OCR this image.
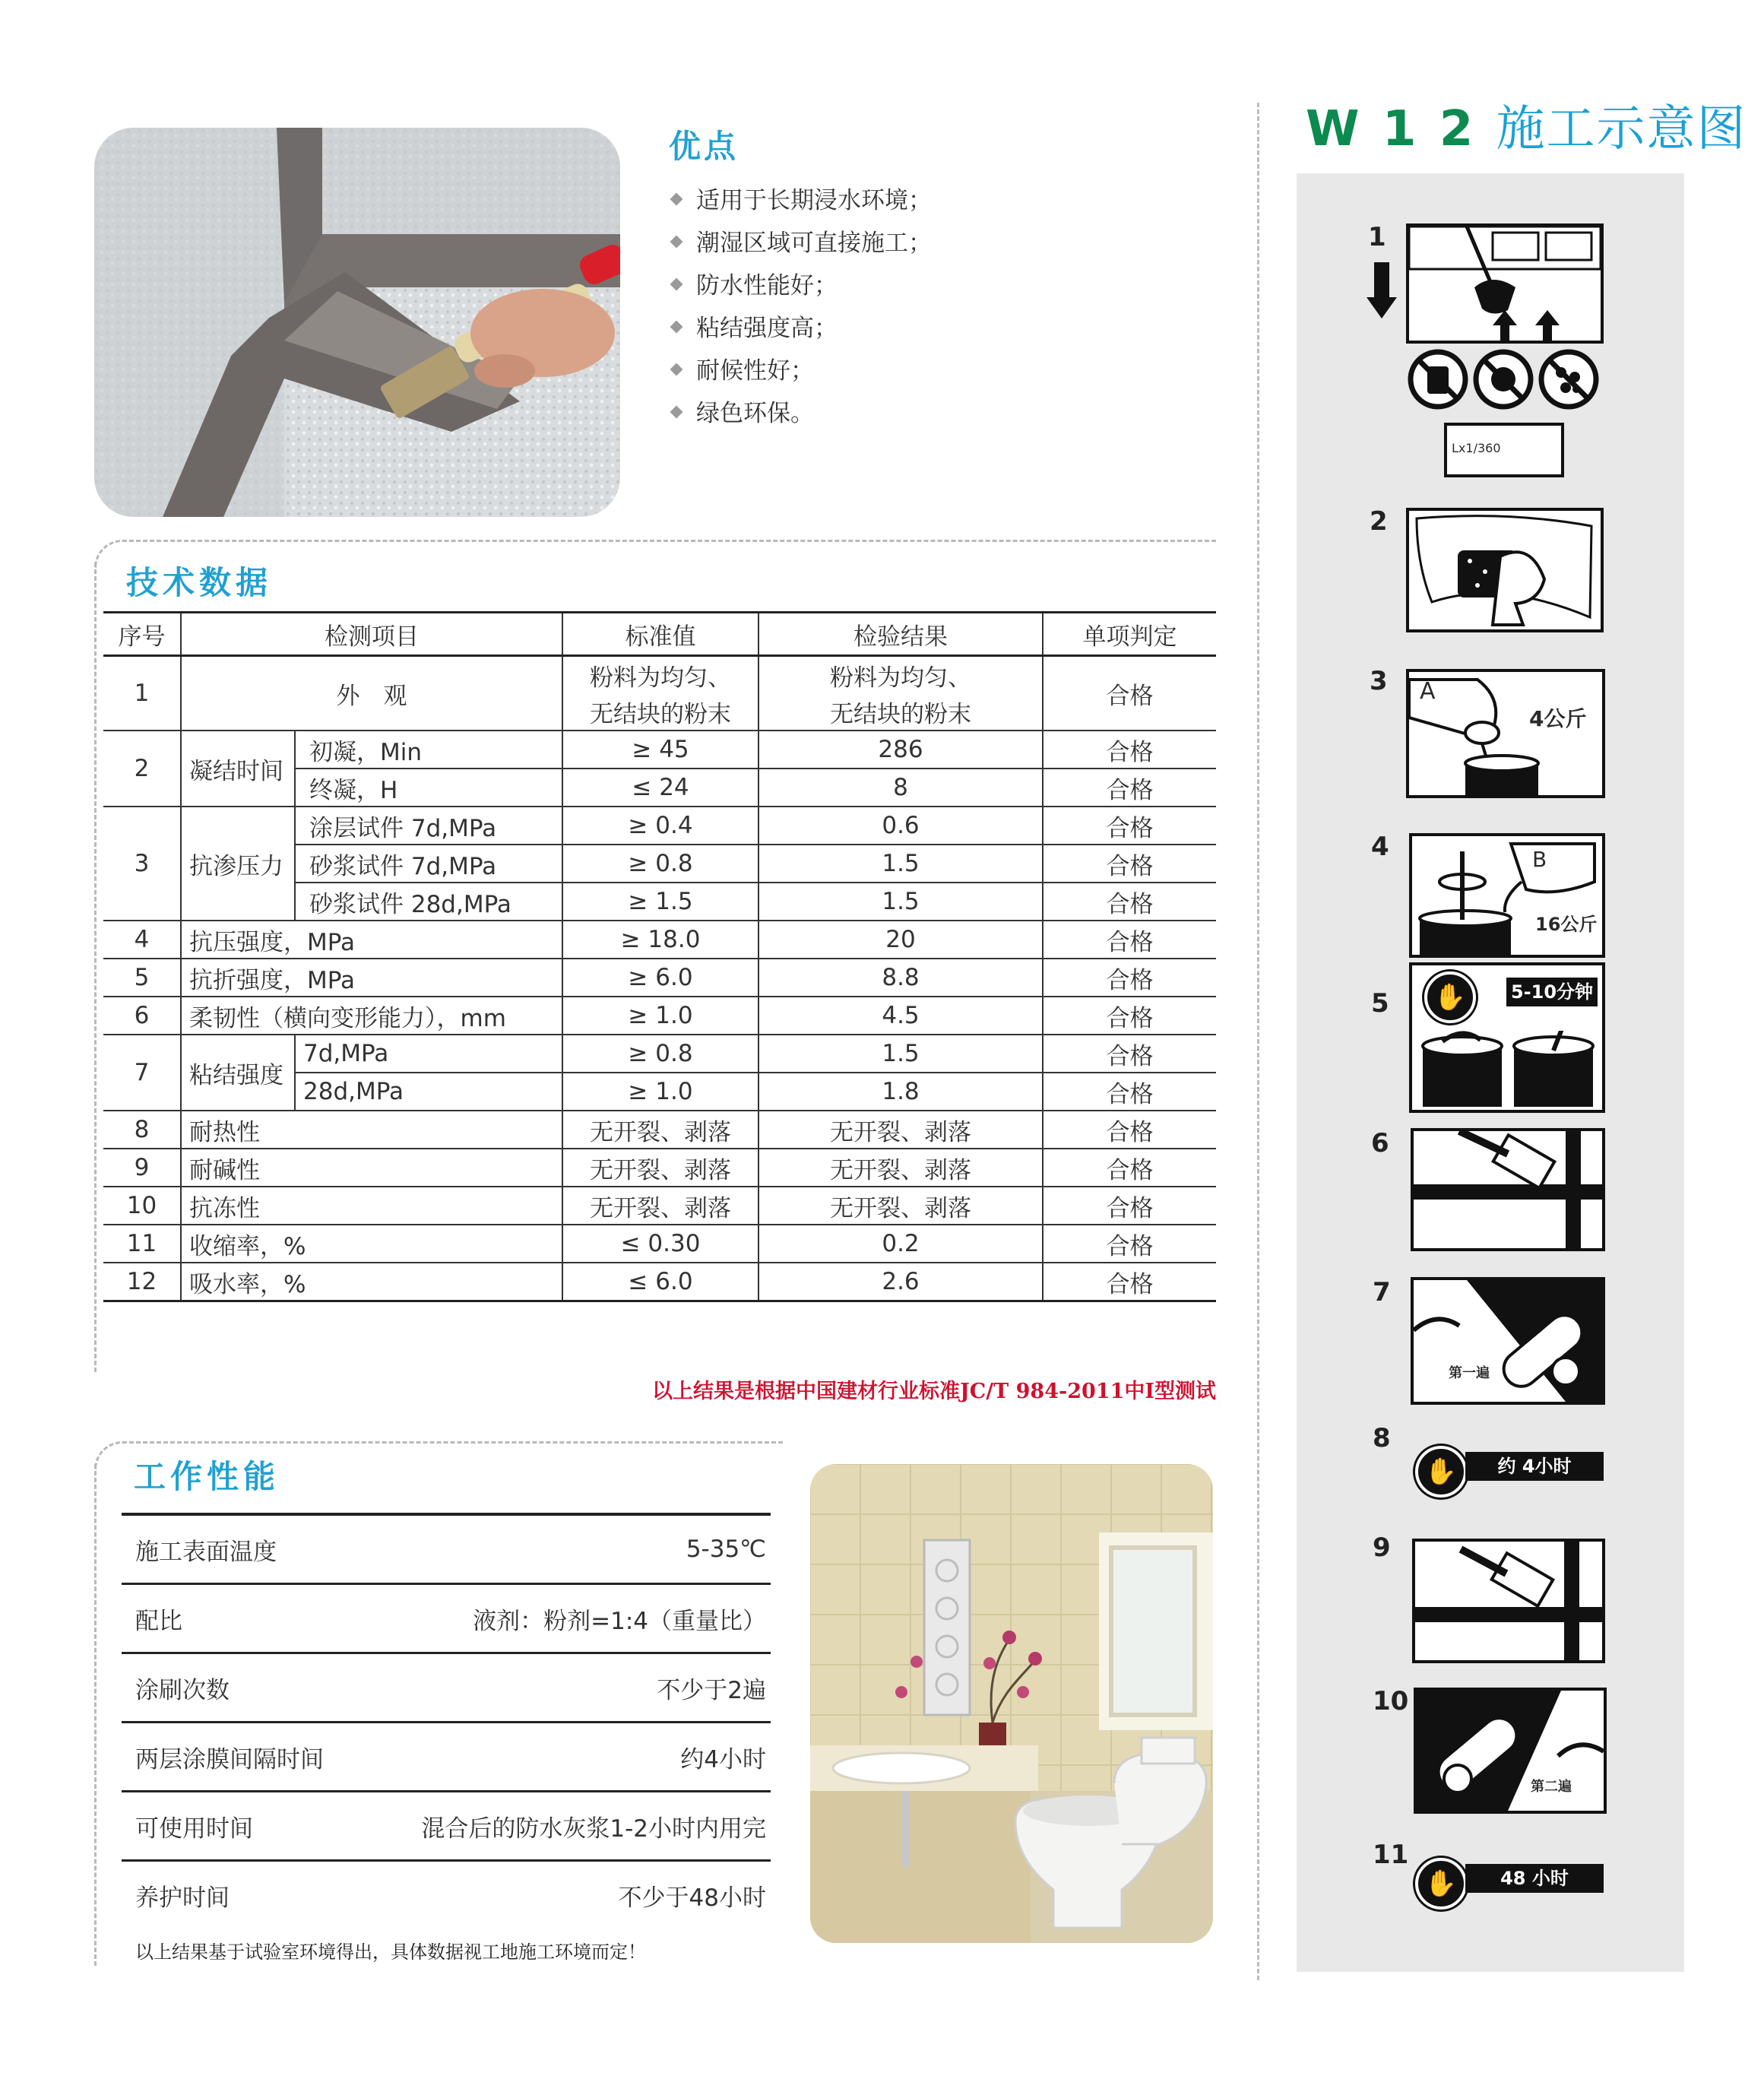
优点
适用于长期浸水环境；
潮湿区域可直接施工；
防水性能好；
粘结强度高；
耐候性好；
绿色环保。
技术数据
序号	检测项目		标准值	检验结果	单项判定
1	外　观		粉料为均匀、	粉料为均匀、	合格
			无结块的粉末	无结块的粉末	
2	凝结时间	初凝，Min	≥ 45	286	合格
		终凝，H	≤ 24	8	合格
3	抗渗压力	涂层试件 7d,MPa	≥ 0.4	0.6	合格
		砂浆试件 7d,MPa	≥ 0.8	1.5	合格
		砂浆试件 28d,MPa	≥ 1.5	1.5	合格
4	抗压强度，MPa		≥ 18.0	20	合格
5	抗折强度，MPa		≥ 6.0	8.8	合格
6	柔韧性（横向变形能力），mm		≥ 1.0	4.5	合格
7	粘结强度	7d,MPa	≥ 0.8	1.5	合格
		28d,MPa	≥ 1.0	1.8	合格
8	耐热性		无开裂、剥落	无开裂、剥落	合格
9	耐碱性		无开裂、剥落	无开裂、剥落	合格
10	抗冻性		无开裂、剥落	无开裂、剥落	合格
11	收缩率，%		≤ 0.30	0.2	合格
12	吸水率，%		≤ 6.0	2.6	合格
以上结果是根据中国建材行业标准JC/T 984-2011中I型测试
工作性能
施工表面温度	5-35℃
配比	液剂：粉剂=1:4（重量比）
涂刷次数	不少于2遍
两层涂膜间隔时间	约4小时
可使用时间	混合后的防水灰浆1-2小时内用完
养护时间	不少于48小时
以上结果基于试验室环境得出，具体数据视工地施工环境而定！
W 1 2 施工示意图
1
Lx1/360
2
3 A
4公斤
4	B
16公斤
5 ✋	5-10分钟
6
7
第一遍
8
✋	约 4小时
9
10
第二遍
11
✋	48 小时
